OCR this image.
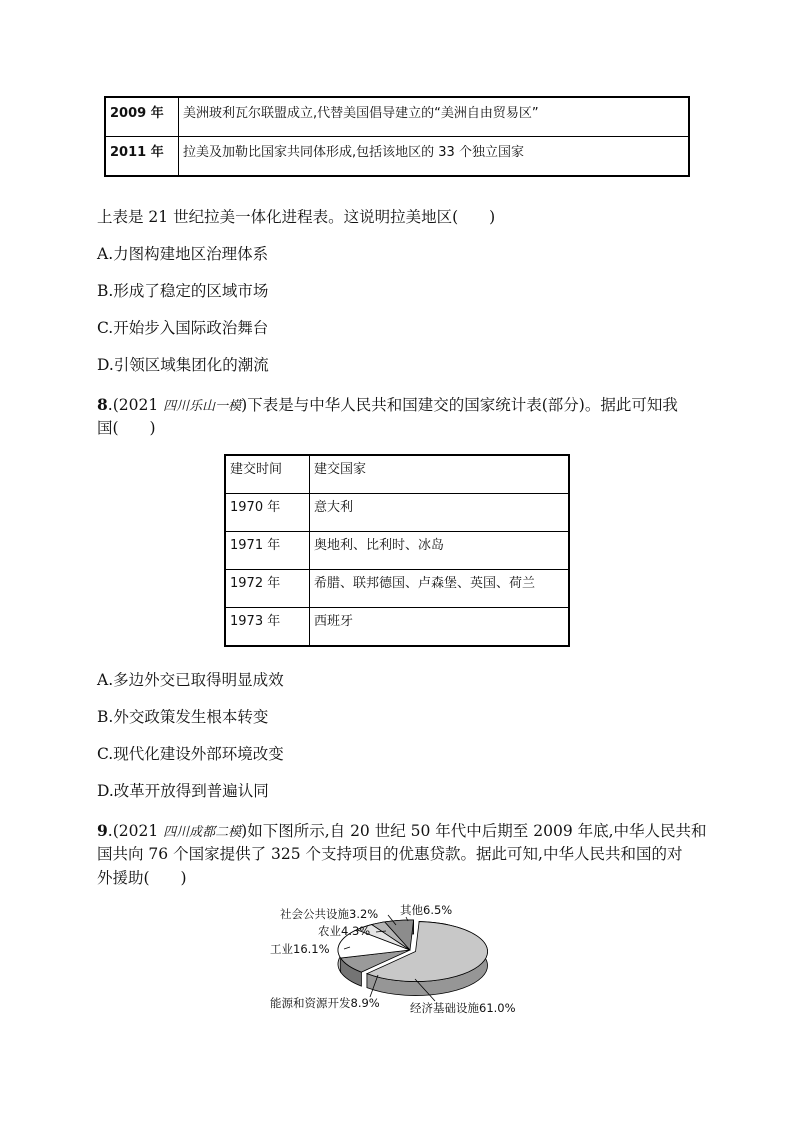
2009 年	美洲玻利瓦尔联盟成立,代替美国倡导建立的“美洲自由贸易区”
2011 年	拉美及加勒比国家共同体形成,包括该地区的 33 个独立国家
上表是 21 世纪拉美一体化进程表。这说明拉美地区(　　)
A.力图构建地区治理体系
B.形成了稳定的区域市场
C.开始步入国际政治舞台
D.引领区域集团化的潮流
8.(2021 四川乐山一模)下表是与中华人民共和国建交的国家统计表(部分)。据此可知我
国(　　)
建交时间	建交国家
1970 年	意大利
1971 年	奥地利、比利时、冰岛
1972 年	希腊、联邦德国、卢森堡、英国、荷兰
1973 年	西班牙
A.多边外交已取得明显成效
B.外交政策发生根本转变
C.现代化建设外部环境改变
D.改革开放得到普遍认同
9.(2021 四川成都二模)如下图所示,自 20 世纪 50 年代中后期至 2009 年底,中华人民共和
国共向 76 个国家提供了 325 个支持项目的优惠贷款。据此可知,中华人民共和国的对
外援助(　　)
经济基础设施61.0%
能源和资源开发8.9%
工业16.1%
农业4.3%
社会公共设施3.2% 其他6.5%
